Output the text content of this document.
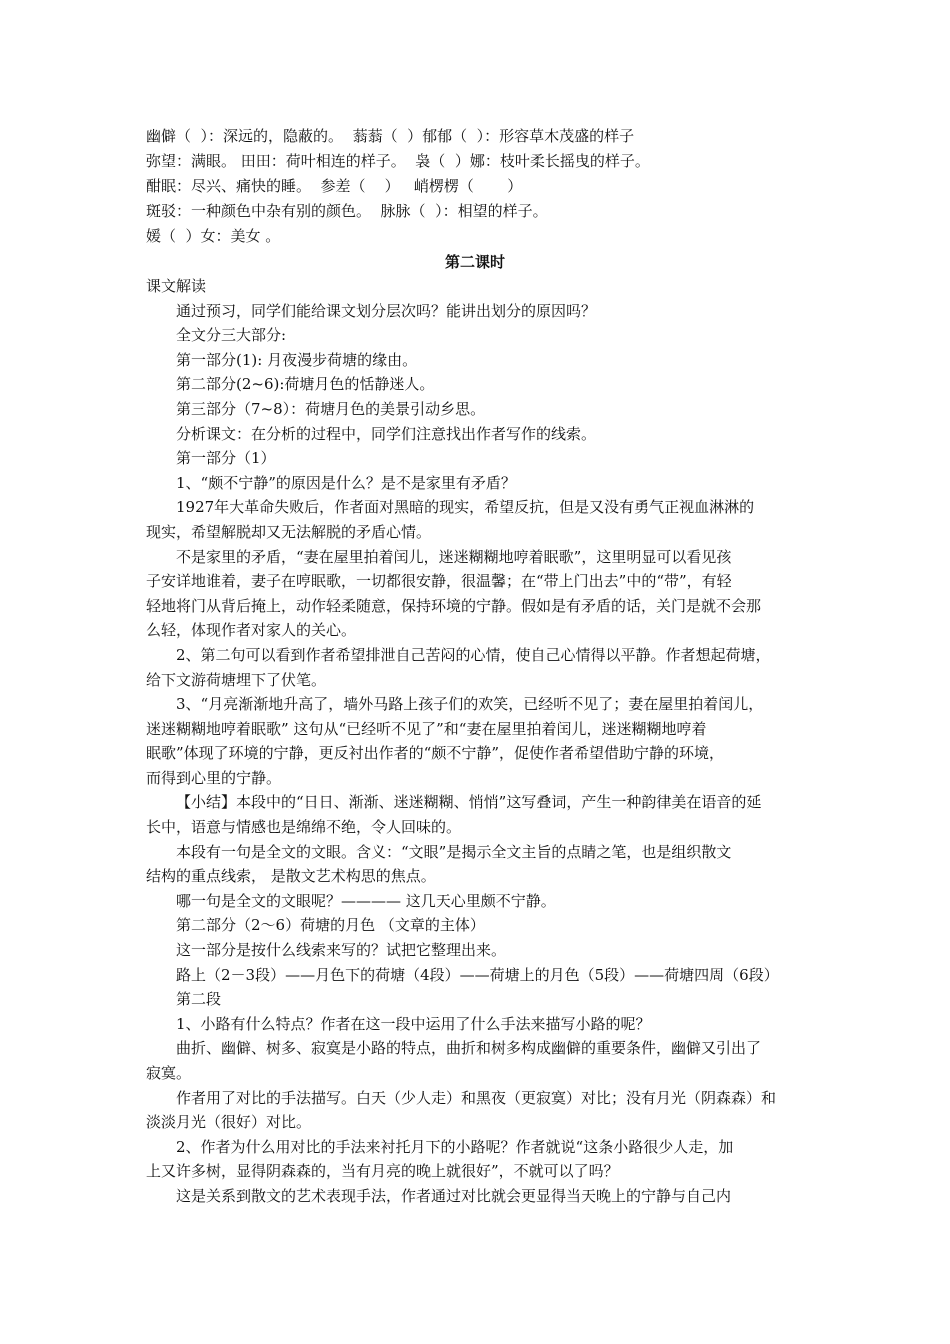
幽僻（  ）：深远的，隐蔽的。  蓊蓊（  ）郁郁（  ）：形容草木茂盛的样子
弥望：满眼。 田田：荷叶相连的样子。  袅（  ）娜：枝叶柔长摇曳的样子。
酣眠：尽兴、痛快的睡。  参差（    ）   峭楞楞（       ）
斑驳：一种颜色中杂有别的颜色。  脉脉（  ）：相望的样子。
媛（  ）女：美女 。
第二课时
课文解读
通过预习，同学们能给课文划分层次吗？能讲出划分的原因吗？
全文分三大部分:
第一部分(1): 月夜漫步荷塘的缘由。
第二部分(2~6):荷塘月色的恬静迷人。
第三部分（7~8）：荷塘月色的美景引动乡思。
分析课文：在分析的过程中，同学们注意找出作者写作的线索。
第一部分（1）
1、“颇不宁静”的原因是什么？是不是家里有矛盾？
1927年大革命失败后，作者面对黑暗的现实，希望反抗，但是又没有勇气正视血淋淋的
现实，希望解脱却又无法解脱的矛盾心情。
不是家里的矛盾，“妻在屋里拍着闰儿，迷迷糊糊地哼着眠歌”，这里明显可以看见孩
子安详地谁着，妻子在哼眠歌，一切都很安静，很温馨；在“带上门出去”中的“带”，有轻
轻地将门从背后掩上，动作轻柔随意，保持环境的宁静。假如是有矛盾的话，关门是就不会那
么轻，体现作者对家人的关心。
2、第二句可以看到作者希望排泄自己苦闷的心情，使自己心情得以平静。作者想起荷塘，
给下文游荷塘埋下了伏笔。
3、“月亮渐渐地升高了，墙外马路上孩子们的欢笑，已经听不见了；妻在屋里拍着闰儿，
迷迷糊糊地哼着眠歌” 这句从“已经听不见了”和“妻在屋里拍着闰儿，迷迷糊糊地哼着
眠歌”体现了环境的宁静，更反衬出作者的“颇不宁静”，促使作者希望借助宁静的环境，
而得到心里的宁静。
【小结】本段中的“日日、渐渐、迷迷糊糊、悄悄”这写叠词，产生一种韵律美在语音的延
长中，语意与情感也是绵绵不绝，令人回味的。
本段有一句是全文的文眼。含义：“文眼”是揭示全文主旨的点睛之笔，也是组织散文
结构的重点线索， 是散文艺术构思的焦点。
哪一句是全文的文眼呢？———— 这几天心里颇不宁静。
第二部分（2～6）荷塘的月色 （文章的主体）
这一部分是按什么线索来写的？试把它整理出来。
路上（2－3段）——月色下的荷塘（4段）——荷塘上的月色（5段）——荷塘四周（6段）
第二段
1、小路有什么特点？作者在这一段中运用了什么手法来描写小路的呢？
曲折、幽僻、树多、寂寞是小路的特点，曲折和树多构成幽僻的重要条件，幽僻又引出了
寂寞。
作者用了对比的手法描写。白天（少人走）和黑夜（更寂寞）对比；没有月光（阴森森）和
淡淡月光（很好）对比。
2、作者为什么用对比的手法来衬托月下的小路呢？作者就说“这条小路很少人走，加
上又许多树，显得阴森森的，当有月亮的晚上就很好”，不就可以了吗？
这是关系到散文的艺术表现手法，作者通过对比就会更显得当天晚上的宁静与自己内
